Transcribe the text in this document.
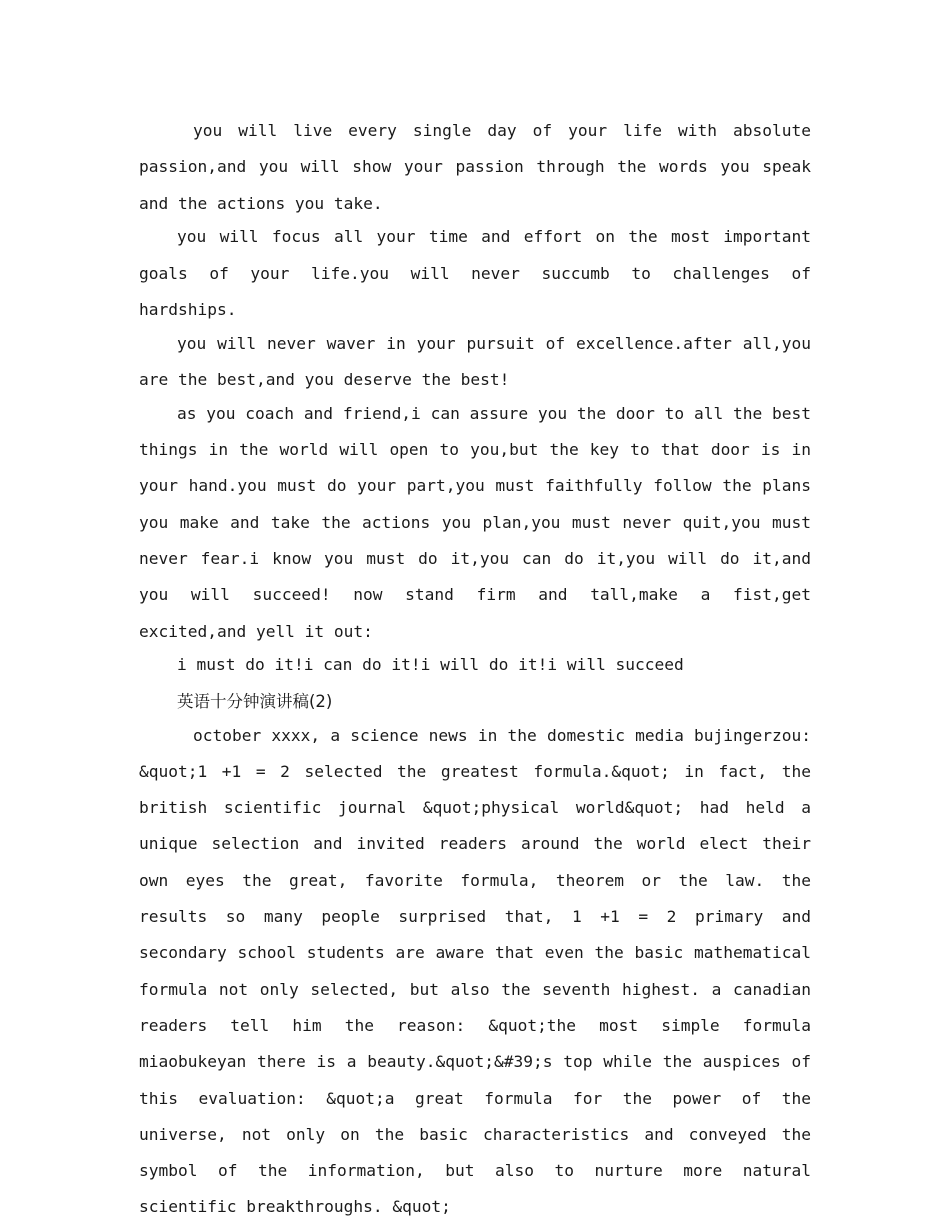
you will live every single day of your life with absolute passion,and you will show your passion through the words you speak and the actions you take.

you will focus all your time and effort on the most important goals of your life.you will never succumb to challenges of hardships.

you will never waver in your pursuit of excellence.after all,you are the best,and you deserve the best!

as you coach and friend,i can assure you the door to all the best things in the world will open to you,but the key to that door is in your hand.you must do your part,you must faithfully follow the plans you make and take the actions you plan,you must never quit,you must never fear.i know you must do it,you can do it,you will do it,and you will succeed! now stand firm and tall,make a fist,get excited,and yell it out:

i must do it!i can do it!i will do it!i will succeed

英语十分钟演讲稿(2)

october xxxx, a science news in the domestic media bujingerzou: &quot;1 +1 = 2 selected the greatest formula.&quot; in fact, the british scientific journal &quot;physical world&quot; had held a unique selection and invited readers around the world elect their own eyes the great, favorite formula, theorem or the law. the results so many people surprised that, 1 +1 = 2 primary and secondary school students are aware that even the basic mathematical formula not only selected, but also the seventh highest. a canadian readers tell him the reason: &quot;the most simple formula miaobukeyan there is a beauty.&quot;&#39;s top while the auspices of this evaluation: &quot;a great formula for the power of the universe, not only on the basic characteristics and conveyed the symbol of the information, but also to nurture more natural scientific breakthroughs. &quot;
